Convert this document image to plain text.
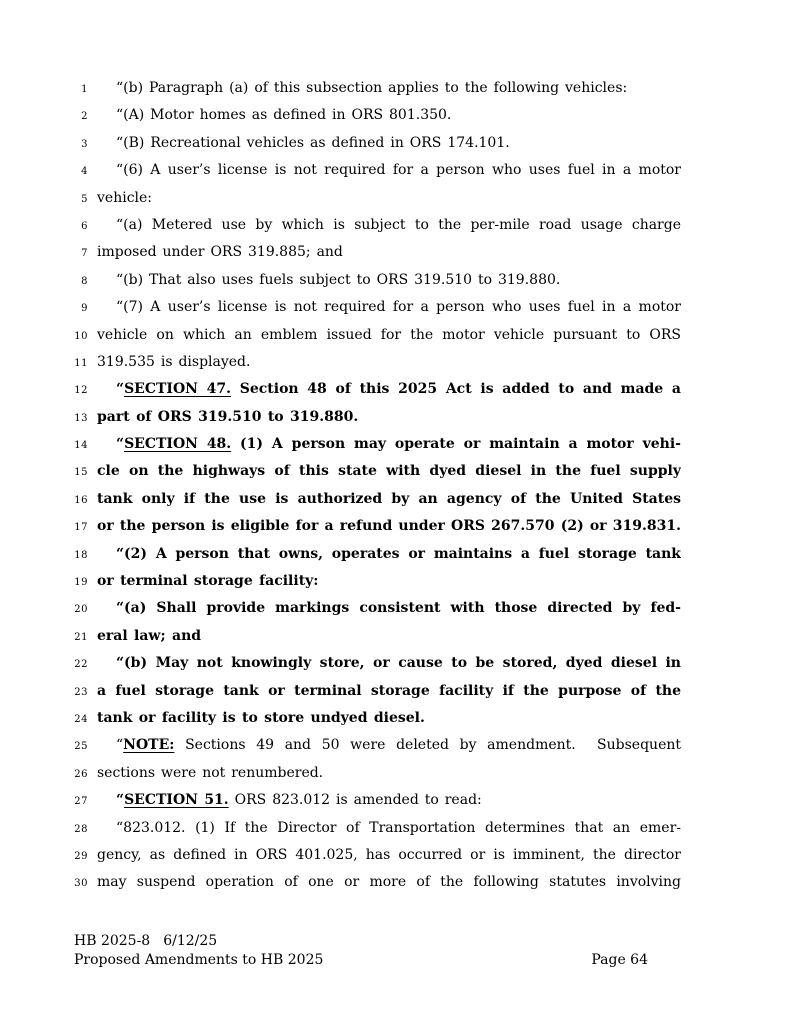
1	“(b) Paragraph (a) of this subsection applies to the following vehicles:
2	“(A) Motor homes as defined in ORS 801.350.
3	“(B) Recreational vehicles as defined in ORS 174.101.
4	“(6) A user’s license is not required for a person who uses fuel in a motor
5 vehicle:
6	“(a) Metered use by which is subject to the per-mile road usage charge
7 imposed under ORS 319.885; and
8	“(b) That also uses fuels subject to ORS 319.510 to 319.880.
9	“(7) A user’s license is not required for a person who uses fuel in a motor
10 vehicle on which an emblem issued for the motor vehicle pursuant to ORS
11 319.535 is displayed.
12	“SECTION 47. Section 48 of this 2025 Act is added to and made a
13 part of ORS 319.510 to 319.880.
14	“SECTION 48. (1) A person may operate or maintain a motor vehi-
15 cle on the highways of this state with dyed diesel in the fuel supply
16 tank only if the use is authorized by an agency of the United States
17 or the person is eligible for a refund under ORS 267.570 (2) or 319.831.
18	“(2) A person that owns, operates or maintains a fuel storage tank
19 or terminal storage facility:
20	“(a) Shall provide markings consistent with those directed by fed-
21 eral law; and
22	“(b) May not knowingly store, or cause to be stored, dyed diesel in
23 a fuel storage tank or terminal storage facility if the purpose of the
24 tank or facility is to store undyed diesel.
25	“NOTE: Sections 49 and 50 were deleted by amendment.  Subsequent
26 sections were not renumbered.
27	“SECTION 51. ORS 823.012 is amended to read:
28	“823.012. (1) If the Director of Transportation determines that an emer-
29 gency, as defined in ORS 401.025, has occurred or is imminent, the director
30 may suspend operation of one or more of the following statutes involving
HB 2025-8 6/12/25
Proposed Amendments to HB 2025	Page 64
